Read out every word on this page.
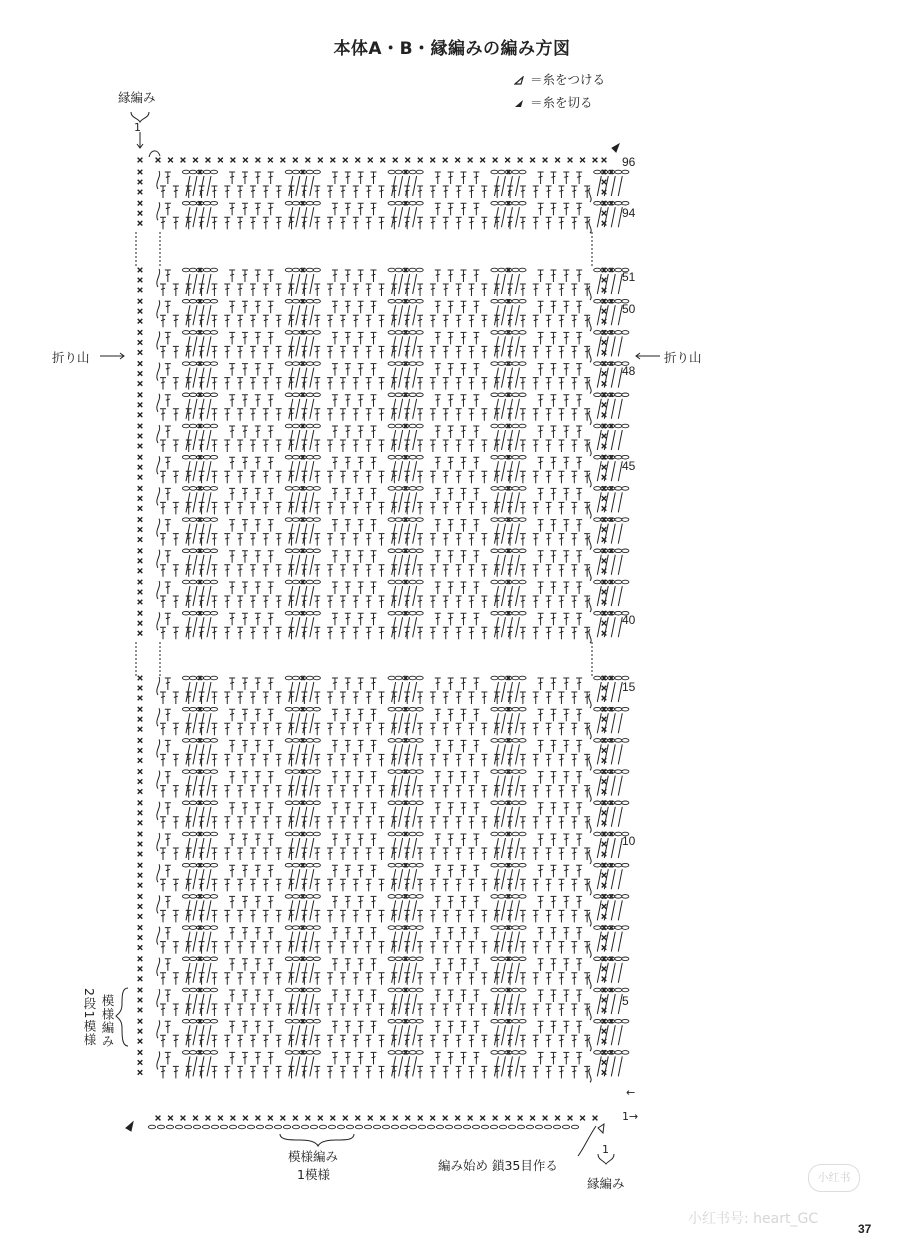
本体A・B・縁編みの編み方図
＝糸をつける
＝糸を切る
縁編み
1
折り山	折り山
2段1模様 模様編み
模様編み
1模様
編み始め 鎖35目作る
縁編み
1
1→
←
96
94
51
50
48
45
40
15
10
5
小红书
小红书号: heart_GC
37
